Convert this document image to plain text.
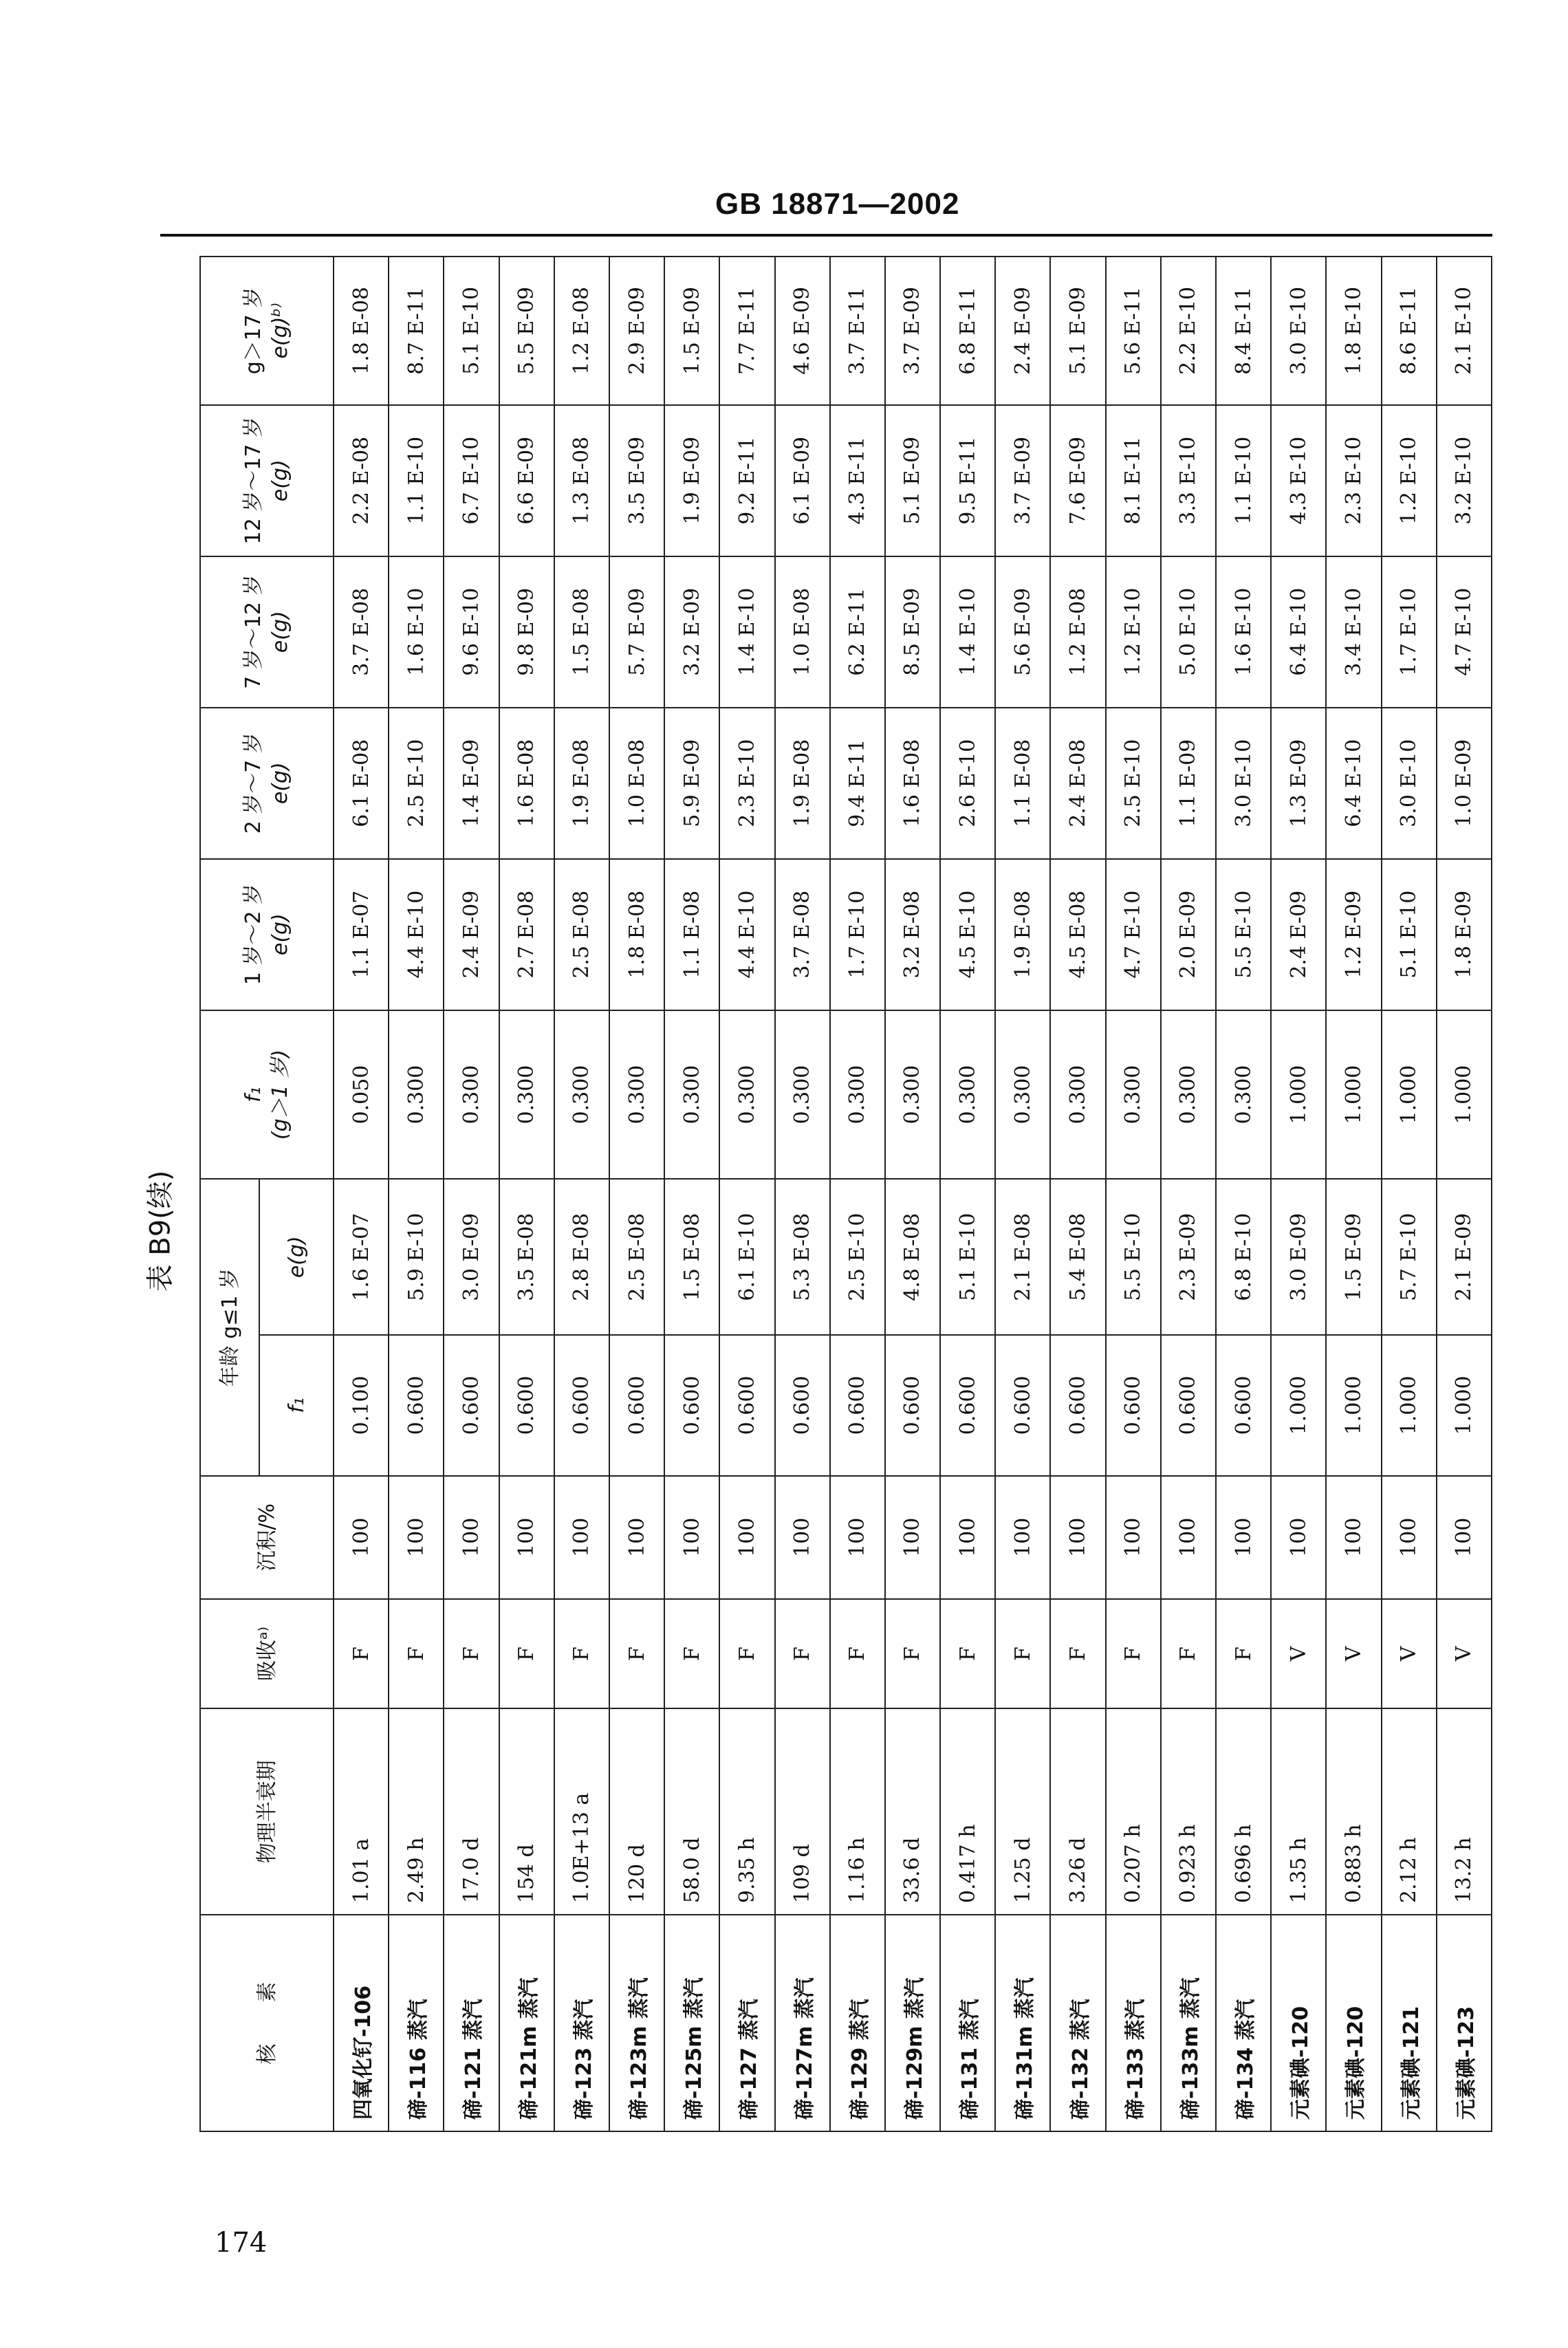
GB 18871—2002
表 B9(续)
核　　素	物理半衰期	吸收ᵃ⁾	沉积/%	年龄 g≤1 岁		f₁ (g＞1 岁)	1 岁～2 岁 e(g)	2 岁～7 岁 e(g)	7 岁～12 岁 e(g)	12 岁～17 岁 e(g)	g＞17 岁 e(g)ᵇ⁾

				f₁	e(g)						
四氧化钌-106	1.01 a	F	100	0.100	1.6 E-07	0.050	1.1 E-07	6.1 E-08	3.7 E-08	2.2 E-08	1.8 E-08
碲-116 蒸汽	2.49 h	F	100	0.600	5.9 E-10	0.300	4.4 E-10	2.5 E-10	1.6 E-10	1.1 E-10	8.7 E-11
碲-121 蒸汽	17.0 d	F	100	0.600	3.0 E-09	0.300	2.4 E-09	1.4 E-09	9.6 E-10	6.7 E-10	5.1 E-10
碲-121m 蒸汽	154 d	F	100	0.600	3.5 E-08	0.300	2.7 E-08	1.6 E-08	9.8 E-09	6.6 E-09	5.5 E-09
碲-123 蒸汽	1.0E+13 a	F	100	0.600	2.8 E-08	0.300	2.5 E-08	1.9 E-08	1.5 E-08	1.3 E-08	1.2 E-08
碲-123m 蒸汽	120 d	F	100	0.600	2.5 E-08	0.300	1.8 E-08	1.0 E-08	5.7 E-09	3.5 E-09	2.9 E-09
碲-125m 蒸汽	58.0 d	F	100	0.600	1.5 E-08	0.300	1.1 E-08	5.9 E-09	3.2 E-09	1.9 E-09	1.5 E-09
碲-127 蒸汽	9.35 h	F	100	0.600	6.1 E-10	0.300	4.4 E-10	2.3 E-10	1.4 E-10	9.2 E-11	7.7 E-11
碲-127m 蒸汽	109 d	F	100	0.600	5.3 E-08	0.300	3.7 E-08	1.9 E-08	1.0 E-08	6.1 E-09	4.6 E-09
碲-129 蒸汽	1.16 h	F	100	0.600	2.5 E-10	0.300	1.7 E-10	9.4 E-11	6.2 E-11	4.3 E-11	3.7 E-11
碲-129m 蒸汽	33.6 d	F	100	0.600	4.8 E-08	0.300	3.2 E-08	1.6 E-08	8.5 E-09	5.1 E-09	3.7 E-09
碲-131 蒸汽	0.417 h	F	100	0.600	5.1 E-10	0.300	4.5 E-10	2.6 E-10	1.4 E-10	9.5 E-11	6.8 E-11
碲-131m 蒸汽	1.25 d	F	100	0.600	2.1 E-08	0.300	1.9 E-08	1.1 E-08	5.6 E-09	3.7 E-09	2.4 E-09
碲-132 蒸汽	3.26 d	F	100	0.600	5.4 E-08	0.300	4.5 E-08	2.4 E-08	1.2 E-08	7.6 E-09	5.1 E-09
碲-133 蒸汽	0.207 h	F	100	0.600	5.5 E-10	0.300	4.7 E-10	2.5 E-10	1.2 E-10	8.1 E-11	5.6 E-11
碲-133m 蒸汽	0.923 h	F	100	0.600	2.3 E-09	0.300	2.0 E-09	1.1 E-09	5.0 E-10	3.3 E-10	2.2 E-10
碲-134 蒸汽	0.696 h	F	100	0.600	6.8 E-10	0.300	5.5 E-10	3.0 E-10	1.6 E-10	1.1 E-10	8.4 E-11
元素碘-120	1.35 h	V	100	1.000	3.0 E-09	1.000	2.4 E-09	1.3 E-09	6.4 E-10	4.3 E-10	3.0 E-10
元素碘-120	0.883 h	V	100	1.000	1.5 E-09	1.000	1.2 E-09	6.4 E-10	3.4 E-10	2.3 E-10	1.8 E-10
元素碘-121	2.12 h	V	100	1.000	5.7 E-10	1.000	5.1 E-10	3.0 E-10	1.7 E-10	1.2 E-10	8.6 E-11
元素碘-123	13.2 h	V	100	1.000	2.1 E-09	1.000	1.8 E-09	1.0 E-09	4.7 E-10	3.2 E-10	2.1 E-10
174
